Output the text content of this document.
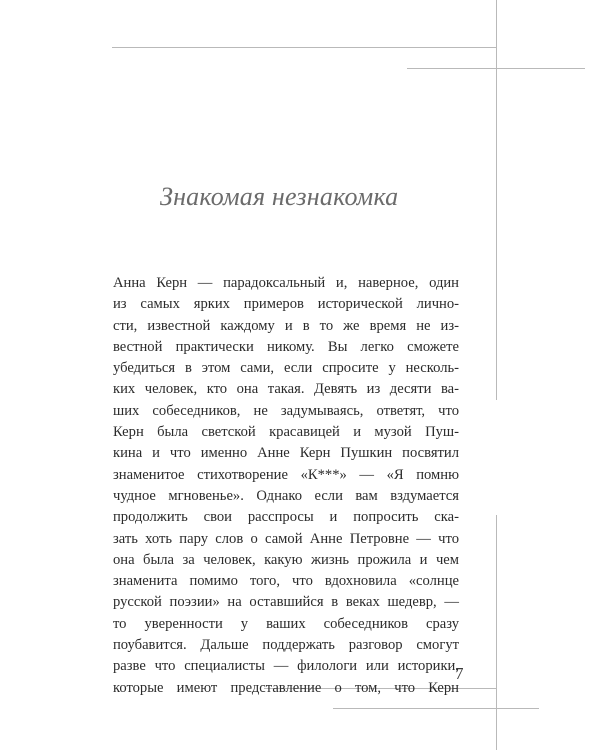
Знакомая незнакомка
Анна Керн — парадоксальный и, наверное, один
из самых ярких примеров исторической лично-
сти, известной каждому и в то же время не из-
вестной практически никому. Вы легко сможете
убедиться в этом сами, если спросите у несколь-
ких человек, кто она такая. Девять из десяти ва-
ших собеседников, не задумываясь, ответят, что
Керн была светской красавицей и музой Пуш-
кина и что именно Анне Керн Пушкин посвятил
знаменитое стихотворение «К***» — «Я помню
чудное мгновенье». Однако если вам вздумается
продолжить свои расспросы и попросить ска-
зать хоть пару слов о самой Анне Петровне — что
она была за человек, какую жизнь прожила и чем
знаменита помимо того, что вдохновила «солнце
русской поэзии» на оставшийся в веках шедевр, —
то уверенности у ваших собеседников сразу
поубавится. Дальше поддержать разговор смогут
разве что специалисты — филологи или историки,
которые имеют представление о том, что Керн
7
